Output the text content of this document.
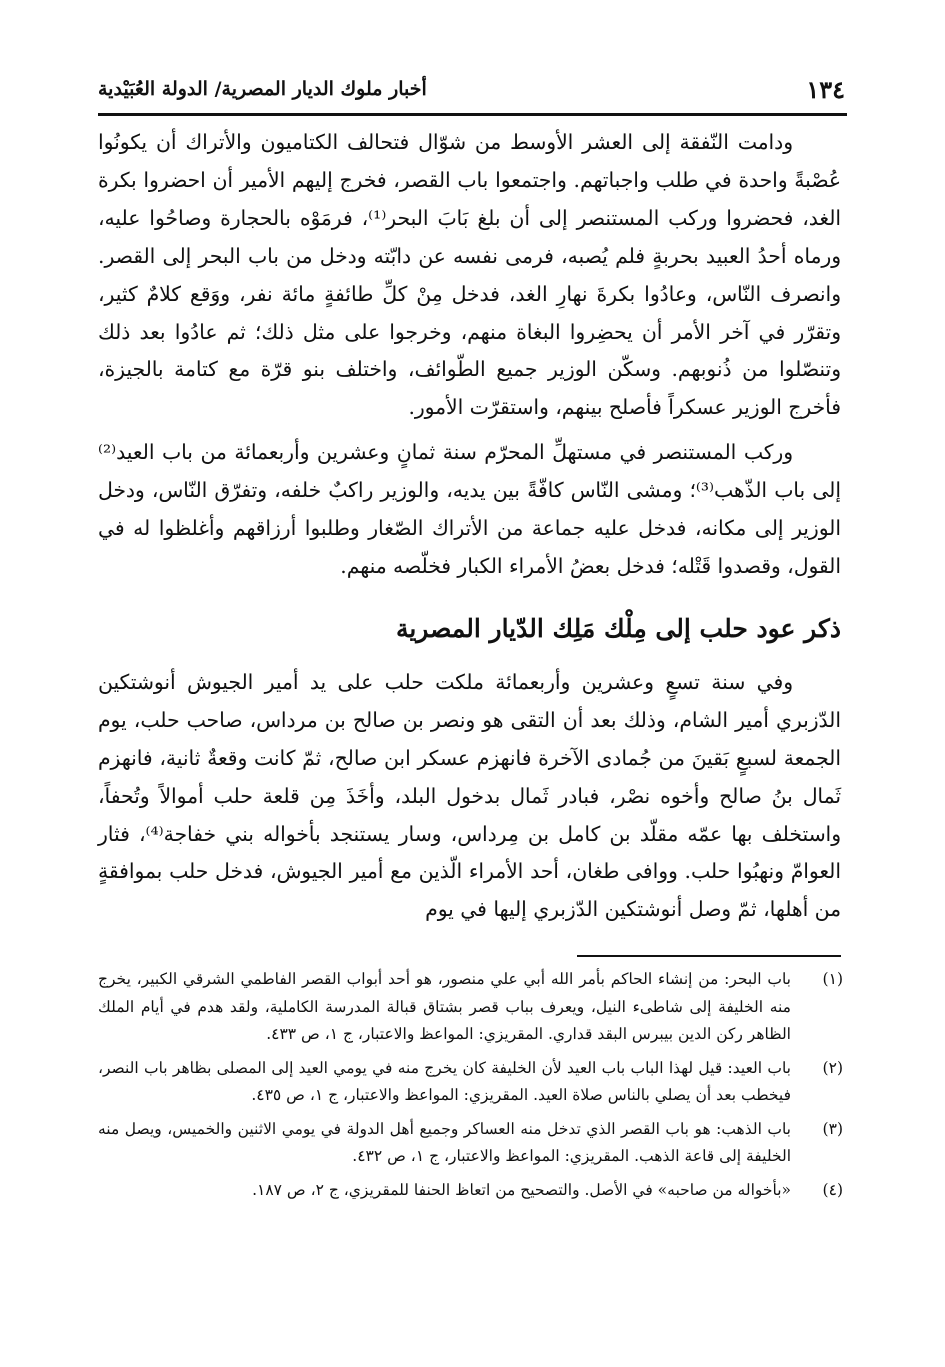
١٣٤
أخبار ملوك الديار المصرية/ الدولة العُبَيْدية

ودامت النّفقة إلى العشر الأوسط من شوّال فتحالف الكتاميون والأتراك أن يكونُوا عُصْبةً واحدة في طلب واجباتهم. واجتمعوا باب القصر، فخرج إليهم الأمير أن احضروا بكرة الغد، فحضروا وركب المستنصر إلى أن بلغ بَابَ البحر⁽¹⁾، فرمَوْه بالحجارة وصاحُوا عليه، ورماه أحدُ العبيد بحربةٍ فلم يُصبه، فرمى نفسه عن دابّته ودخل من باب البحر إلى القصر. وانصرف النّاس، وعادُوا بكرةَ نهارِ الغد، فدخل مِنْ كلِّ طائفةٍ مائة نفر، ووَقع كلامٌ كثير، وتقرّر في آخر الأمر أن يحضِروا البغاة منهم، وخرجوا على مثل ذلك؛ ثم عادُوا بعد ذلك وتنصّلوا من ذُنوبهم. وسكّن الوزير جميع الطّوائف، واختلف بنو قرّة مع كتامة بالجيزة، فأخرج الوزير عسكراً فأصلح بينهم، واستقرّت الأمور.

وركب المستنصر في مستهلِّ المحرّم سنة ثمانٍ وعشرين وأربعمائة من باب العيد⁽²⁾ إلى باب الذّهب⁽³⁾؛ ومشى النّاس كافّةً بين يديه، والوزير راكبٌ خلفه، وتفرّق النّاس، ودخل الوزير إلى مكانه، فدخل عليه جماعة من الأتراك الصّغار وطلبوا أرزاقهم وأغلظوا له في القول، وقصدوا قَتْله؛ فدخل بعضُ الأمراء الكبار فخلّصه منهم.

ذكر عود حلب إلى مِلْك مَلِك الدّيار المصرية

وفي سنة تسعٍ وعشرين وأربعمائة ملكت حلب على يد أمير الجيوش أنوشتكين الدّزبري أمير الشام، وذلك بعد أن التقى هو ونصر بن صالح بن مرداس، صاحب حلب، يوم الجمعة لسبعٍ بَقينَ من جُمادى الآخرة فانهزم عسكر ابن صالح، ثمّ كانت وقعةٌ ثانية، فانهزم ثَمال بنُ صالح وأخوه نصْر، فبادر ثَمال بدخول البلد، وأخَذَ مِن قلعة حلب أموالاً وتُحفاً، واستخلف بها عمّه مقلّد بن كامل بن مِرداس، وسار يستنجد بأخواله بني خفاجة⁽⁴⁾، فثار العوامّ ونهبُوا حلب. ووافى طغان، أحد الأمراء الّذين مع أمير الجيوش، فدخل حلب بموافقةٍ من أهلها، ثمّ وصل أنوشتكين الدّزبري إليها في يوم

(١)
باب البحر: من إنشاء الحاكم بأمر الله أبي علي منصور، هو أحد أبواب القصر الفاطمي الشرقي الكبير، يخرج منه الخليفة إلى شاطىء النيل، ويعرف بباب قصر بشتاق قبالة المدرسة الكاملية، ولقد هدم في أيام الملك الظاهر ركن الدين بيبرس البقد قداري. المقريزي: المواعظ والاعتبار، ج ١، ص ٤٣٣.
(٢)
باب العيد: قيل لهذا الباب باب العيد لأن الخليفة كان يخرج منه في يومي العيد إلى المصلى بظاهر باب النصر، فيخطب بعد أن يصلي بالناس صلاة العيد. المقريزي: المواعظ والاعتبار، ج ١، ص ٤٣٥.
(٣)
باب الذهب: هو باب القصر الذي تدخل منه العساكر وجميع أهل الدولة في يومي الاثنين والخميس، ويصل منه الخليفة إلى قاعة الذهب. المقريزي: المواعظ والاعتبار، ج ١، ص ٤٣٢.
(٤)
«بأخواله من صاحبه» في الأصل. والتصحيح من اتعاظ الحنفا للمقريزي، ج ٢، ص ١٨٧.
